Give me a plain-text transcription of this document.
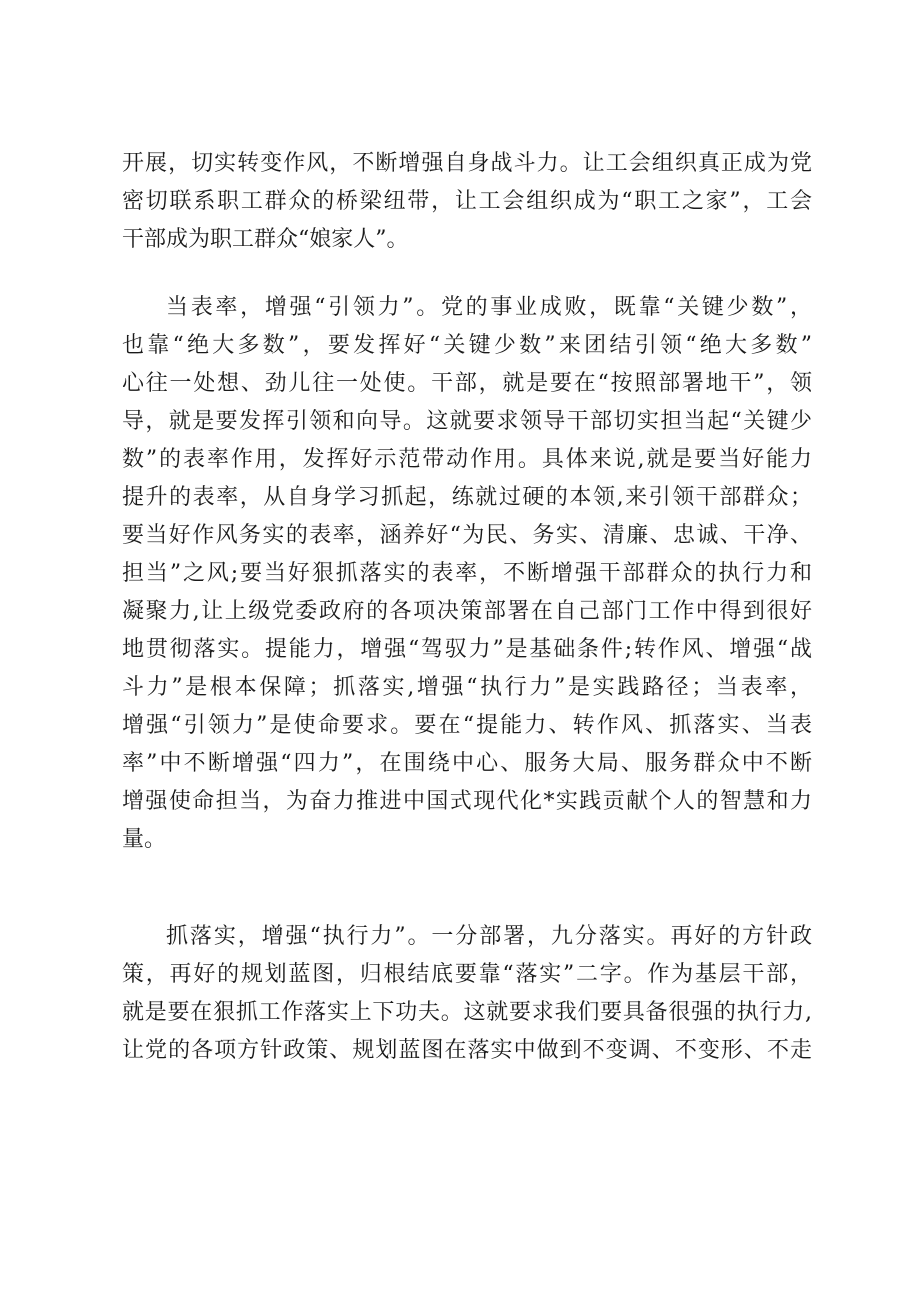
开展，切实转变作风，不断增强自身战斗力。让工会组织真正成为党
密切联系职工群众的桥梁纽带，让工会组织成为“职工之家”，工会
干部成为职工群众“娘家人”。
当表率，增强“引领力”。党的事业成败，既靠“关键少数”，
也靠“绝大多数”，要发挥好“关键少数”来团结引领“绝大多数”
心往一处想、劲儿往一处使。干部，就是要在“按照部署地干”，领
导，就是要发挥引领和向导。这就要求领导干部切实担当起“关键少
数”的表率作用，发挥好示范带动作用。具体来说,就是要当好能力
提升的表率，从自身学习抓起，练就过硬的本领,来引领干部群众；
要当好作风务实的表率，涵养好“为民、务实、清廉、忠诚、干净、
担当”之风;要当好狠抓落实的表率，不断增强干部群众的执行力和
凝聚力,让上级党委政府的各项决策部署在自己部门工作中得到很好
地贯彻落实。提能力，增强“驾驭力”是基础条件;转作风、增强“战
斗力”是根本保障；抓落实,增强“执行力”是实践路径；当表率，
增强“引领力”是使命要求。要在“提能力、转作风、抓落实、当表
率”中不断增强“四力”，在围绕中心、服务大局、服务群众中不断
增强使命担当，为奋力推进中国式现代化*实践贡献个人的智慧和力
量。
抓落实，增强“执行力”。一分部署，九分落实。再好的方针政
策，再好的规划蓝图，归根结底要靠“落实”二字。作为基层干部，
就是要在狠抓工作落实上下功夫。这就要求我们要具备很强的执行力,
让党的各项方针政策、规划蓝图在落实中做到不变调、不变形、不走
